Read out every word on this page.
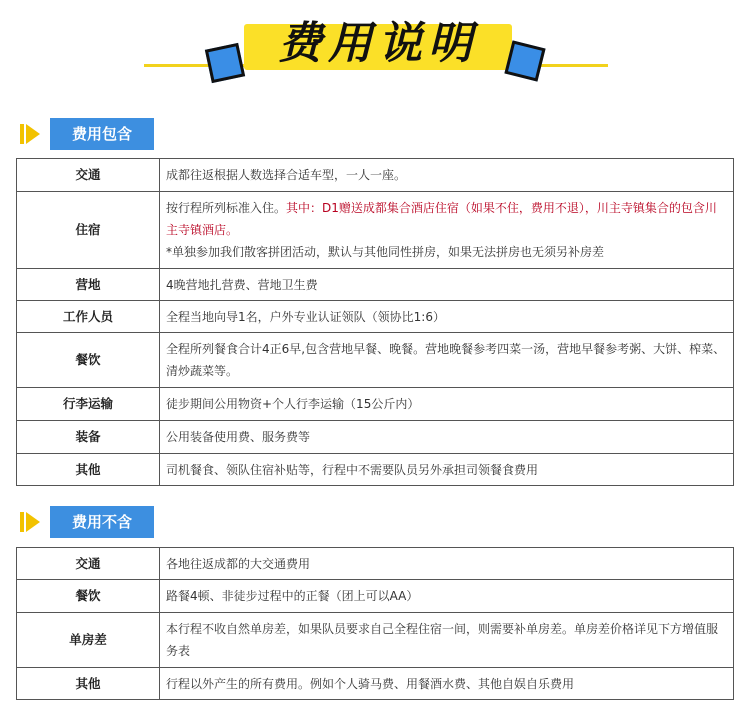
费用说明
费用包含
交通	成都往返根据人数选择合适车型，一人一座。
住宿	按行程所列标准入住。其中：D1赠送成都集合酒店住宿（如果不住，费用不退），川主寺镇集合的包含川主寺镇酒店。
*单独参加我们散客拼团活动，默认与其他同性拼房，如果无法拼房也无须另补房差
营地	4晚营地扎营费、营地卫生费
工作人员	全程当地向导1名，户外专业认证领队（领协比1:6）
餐饮	全程所列餐食合计4正6早,包含营地早餐、晚餐。营地晚餐参考四菜一汤，营地早餐参考粥、大饼、榨菜、清炒蔬菜等。
行李运输	徒步期间公用物资+个人行李运输（15公斤内）
装备	公用装备使用费、服务费等
其他	司机餐食、领队住宿补贴等，行程中不需要队员另外承担司领餐食费用
费用不含
交通	各地往返成都的大交通费用
餐饮	路餐4顿、非徒步过程中的正餐（团上可以AA）
单房差	本行程不收自然单房差，如果队员要求自己全程住宿一间，则需要补单房差。单房差价格详见下方增值服务表
其他	行程以外产生的所有费用。例如个人骑马费、用餐酒水费、其他自娱自乐费用
